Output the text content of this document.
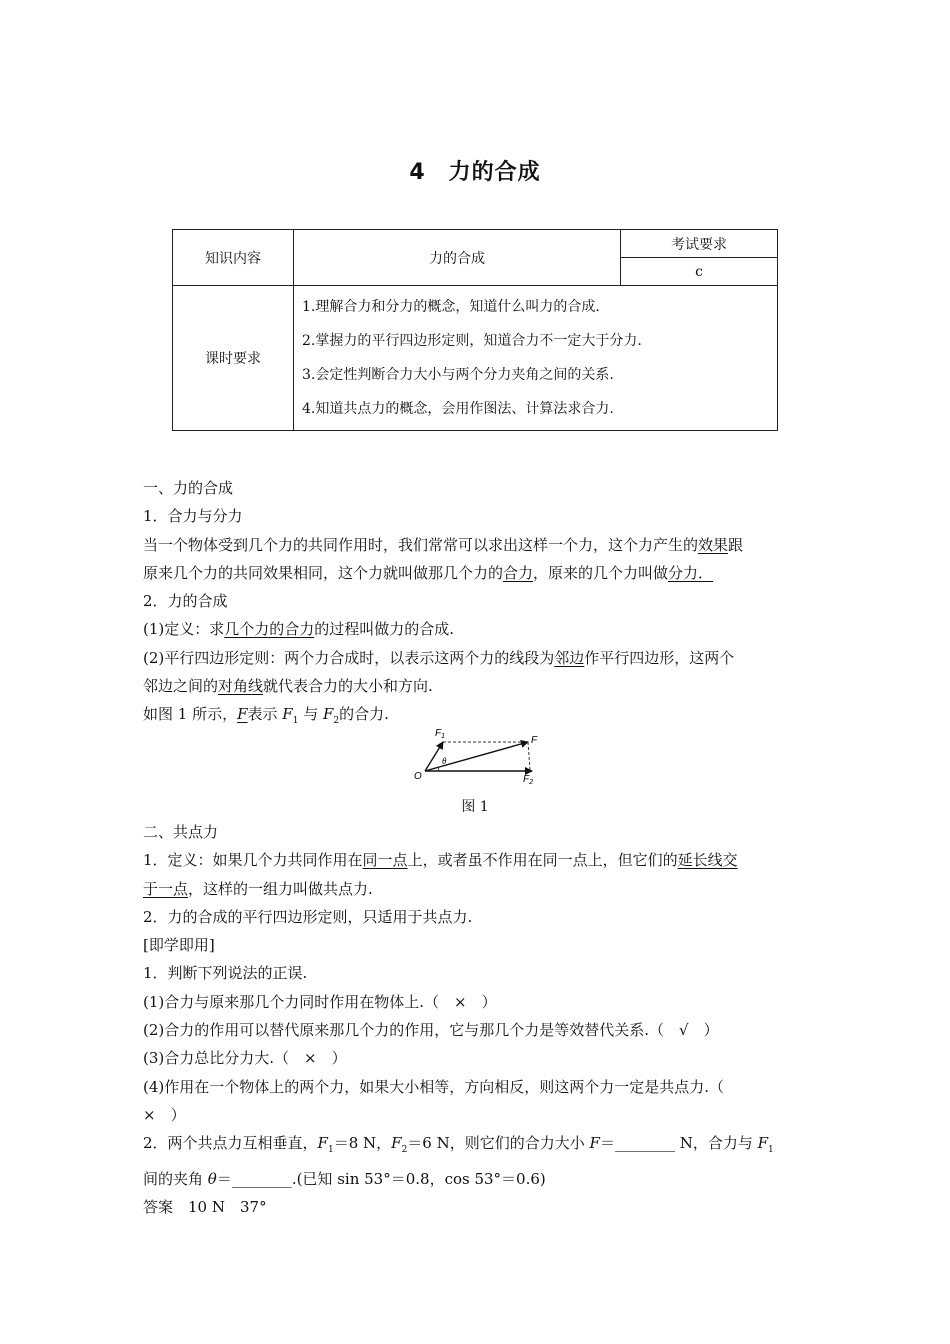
4　力的合成
知识内容	力的合成	考试要求
		c
课时要求	1.理解合力和分力的概念，知道什么叫力的合成.
2.掌握力的平行四边形定则，知道合力不一定大于分力.
3.会定性判断合力大小与两个分力夹角之间的关系.
4.知道共点力的概念，会用作图法、计算法求合力.	

一、力的合成

1．合力与分力

当一个物体受到几个力的共同作用时，我们常常可以求出这样一个力，这个力产生的效果跟

原来几个力的共同效果相同，这个力就叫做那几个力的合力，原来的几个力叫做分力．

2．力的合成

(1)定义：求几个力的合力的过程叫做力的合成.

(2)平行四边形定则：两个力合成时，以表示这两个力的线段为邻边作平行四边形，这两个

邻边之间的对角线就代表合力的大小和方向.

如图 1 所示，F表示 $F_1$ 与 $F_2$的合力.

$F_1$	F
O
θ
$F_2$
图 1

二、共点力

1．定义：如果几个力共同作用在同一点上，或者虽不作用在同一点上，但它们的延长线交

于一点，这样的一组力叫做共点力.

2．力的合成的平行四边形定则，只适用于共点力.

[即学即用]

1．判断下列说法的正误.

(1)合力与原来那几个力同时作用在物体上.（　×　）

(2)合力的作用可以替代原来那几个力的作用，它与那几个力是等效替代关系.（　√　）

(3)合力总比分力大.（　×　）

(4)作用在一个物体上的两个力，如果大小相等，方向相反，则这两个力一定是共点力.（

×　）

2．两个共点力互相垂直，$F_1=8$ N，$F_2=6$ N，则它们的合力大小 F＝________ N，合力与 $F_1$

间的夹角 θ＝________.(已知 sin 53°＝0.8，cos 53°＝0.6)

答案　10 N　37°
